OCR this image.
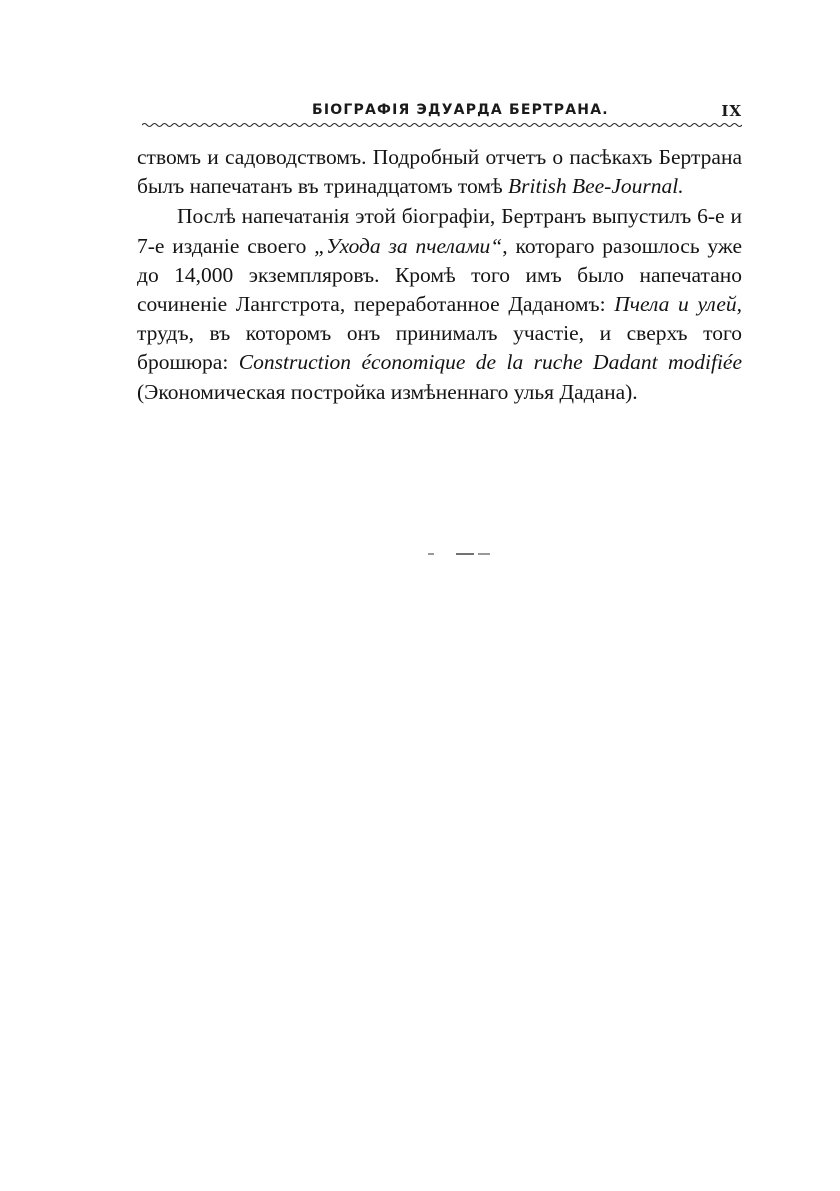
БІОГРАФІЯ ЭДУАРДА БЕРТРАНА.	IX

ствомъ и садоводствомъ. Подробный отчетъ о пасѣкахъ Бертрана былъ напечатанъ въ тринадцатомъ томѣ British Bee-Journal.

Послѣ напечатанія этой біографіи, Бертранъ выпустилъ 6-е и 7-е изданіе своего „Ухода за пчелами“, котораго разошлось уже до 14,000 экземпляровъ. Кромѣ того имъ было напечатано сочиненіе Лангстрота, переработанное Даданомъ: Пчела и улей, трудъ, въ которомъ онъ принималъ участіе, и сверхъ того брошюра: Construction économique de la ruche Dadant modifiée (Экономическая постройка измѣненнаго улья Дадана).
